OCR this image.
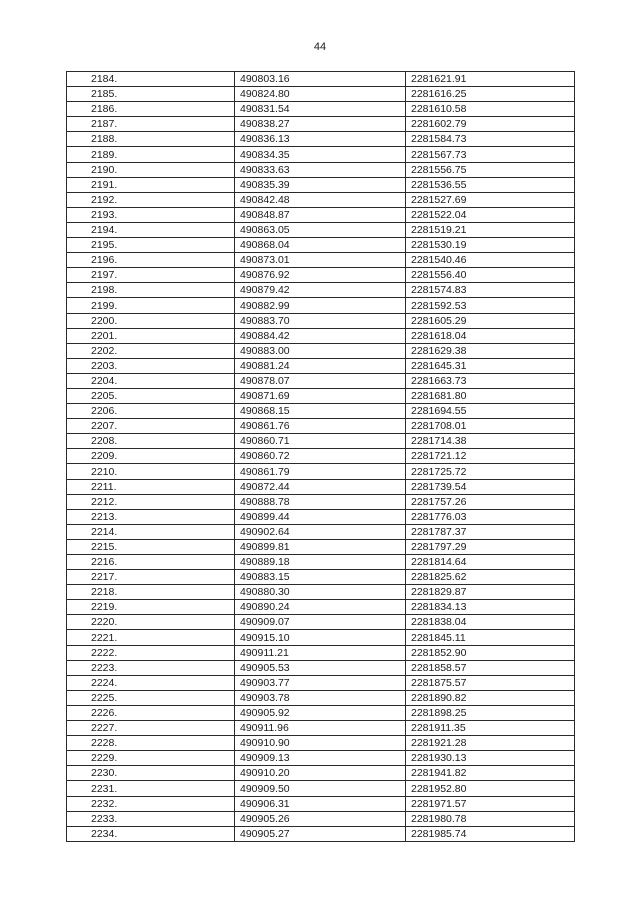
44
2184.	490803.16	2281621.91
2185.	490824.80	2281616.25
2186.	490831.54	2281610.58
2187.	490838.27	2281602.79
2188.	490836.13	2281584.73
2189.	490834.35	2281567.73
2190.	490833.63	2281556.75
2191.	490835.39	2281536.55
2192.	490842.48	2281527.69
2193.	490848.87	2281522.04
2194.	490863.05	2281519.21
2195.	490868.04	2281530.19
2196.	490873.01	2281540.46
2197.	490876.92	2281556.40
2198.	490879.42	2281574.83
2199.	490882.99	2281592.53
2200.	490883.70	2281605.29
2201.	490884.42	2281618.04
2202.	490883.00	2281629.38
2203.	490881.24	2281645.31
2204.	490878.07	2281663.73
2205.	490871.69	2281681.80
2206.	490868.15	2281694.55
2207.	490861.76	2281708.01
2208.	490860.71	2281714.38
2209.	490860.72	2281721.12
2210.	490861.79	2281725.72
2211.	490872.44	2281739.54
2212.	490888.78	2281757.26
2213.	490899.44	2281776.03
2214.	490902.64	2281787.37
2215.	490899.81	2281797.29
2216.	490889.18	2281814.64
2217.	490883.15	2281825.62
2218.	490880.30	2281829.87
2219.	490890.24	2281834.13
2220.	490909.07	2281838.04
2221.	490915.10	2281845.11
2222.	490911.21	2281852.90
2223.	490905.53	2281858.57
2224.	490903.77	2281875.57
2225.	490903.78	2281890.82
2226.	490905.92	2281898.25
2227.	490911.96	2281911.35
2228.	490910.90	2281921.28
2229.	490909.13	2281930.13
2230.	490910.20	2281941.82
2231.	490909.50	2281952.80
2232.	490906.31	2281971.57
2233.	490905.26	2281980.78
2234.	490905.27	2281985.74
